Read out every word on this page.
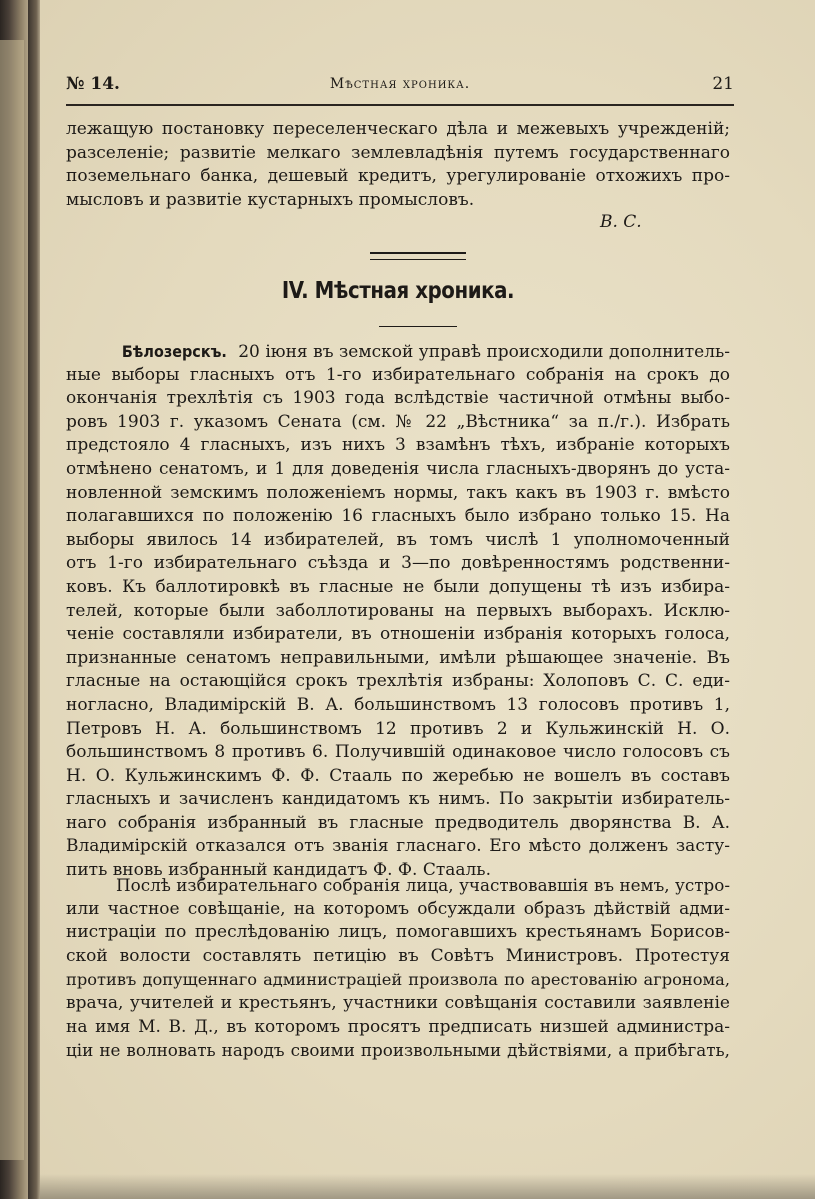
№ 14.	Мѣстная хроника.	21
лежащую постановку переселенческаго дѣла и межевыхъ учрежденій;
разселеніе; развитіе мелкаго землевладѣнія путемъ государственнаго
поземельнаго банка, дешевый кредитъ, урегулированіе отхожихъ про-
мысловъ и развитіе кустарныхъ промысловъ.
В. С.
IV. Мѣстная хроника.
Бѣлозерскъ. 20 іюня въ земской управѣ происходили дополнитель-
ные выборы гласныхъ отъ 1-го избирательнаго собранія на срокъ до
окончанія трехлѣтія съ 1903 года вслѣдствіе частичной отмѣны выбо-
ровъ 1903 г. указомъ Сената (см. № 22 „Вѣстника“ за п./г.). Избрать
предстояло 4 гласныхъ, изъ нихъ 3 взамѣнъ тѣхъ, избраніе которыхъ
отмѣнено сенатомъ, и 1 для доведенія числа гласныхъ-дворянъ до уста-
новленной земскимъ положеніемъ нормы, такъ какъ въ 1903 г. вмѣсто
полагавшихся по положенію 16 гласныхъ было избрано только 15. На
выборы явилось 14 избирателей, въ томъ числѣ 1 уполномоченный
отъ 1-го избирательнаго съѣзда и 3—по довѣренностямъ родственни-
ковъ. Къ баллотировкѣ въ гласные не были допущены тѣ изъ избира-
телей, которые были заболлотированы на первыхъ выборахъ. Исклю-
ченіе составляли избиратели, въ отношеніи избранія которыхъ голоса,
признанные сенатомъ неправильными, имѣли рѣшающее значеніе. Въ
гласные на остающійся срокъ трехлѣтія избраны: Холоповъ С. С. еди-
ногласно, Владимірскій В. А. большинствомъ 13 голосовъ противъ 1,
Петровъ Н. А. большинствомъ 12 противъ 2 и Кульжинскій Н. О.
большинствомъ 8 противъ 6. Получившій одинаковое число голосовъ съ
Н. О. Кульжинскимъ Ф. Ф. Стааль по жеребью не вошелъ въ составъ
гласныхъ и зачисленъ кандидатомъ къ нимъ. По закрытіи избиратель-
наго собранія избранный въ гласные предводитель дворянства В. А.
Владимірскій отказался отъ званія гласнаго. Его мѣсто долженъ засту-
пить вновь избранный кандидатъ Ф. Ф. Стааль.
Послѣ избирательнаго собранія лица, участвовавшія въ немъ, устро-
или частное совѣщаніе, на которомъ обсуждали образъ дѣйствій адми-
нистраціи по преслѣдованію лицъ, помогавшихъ крестьянамъ Борисов-
ской волости составлять петицію въ Совѣтъ Министровъ. Протестуя
противъ допущеннаго администраціей произвола по арестованію агронома,
врача, учителей и крестьянъ, участники совѣщанія составили заявленіе
на имя М. В. Д., въ которомъ просятъ предписать низшей администра-
ціи не волновать народъ своими произвольными дѣйствіями, а прибѣгать,
